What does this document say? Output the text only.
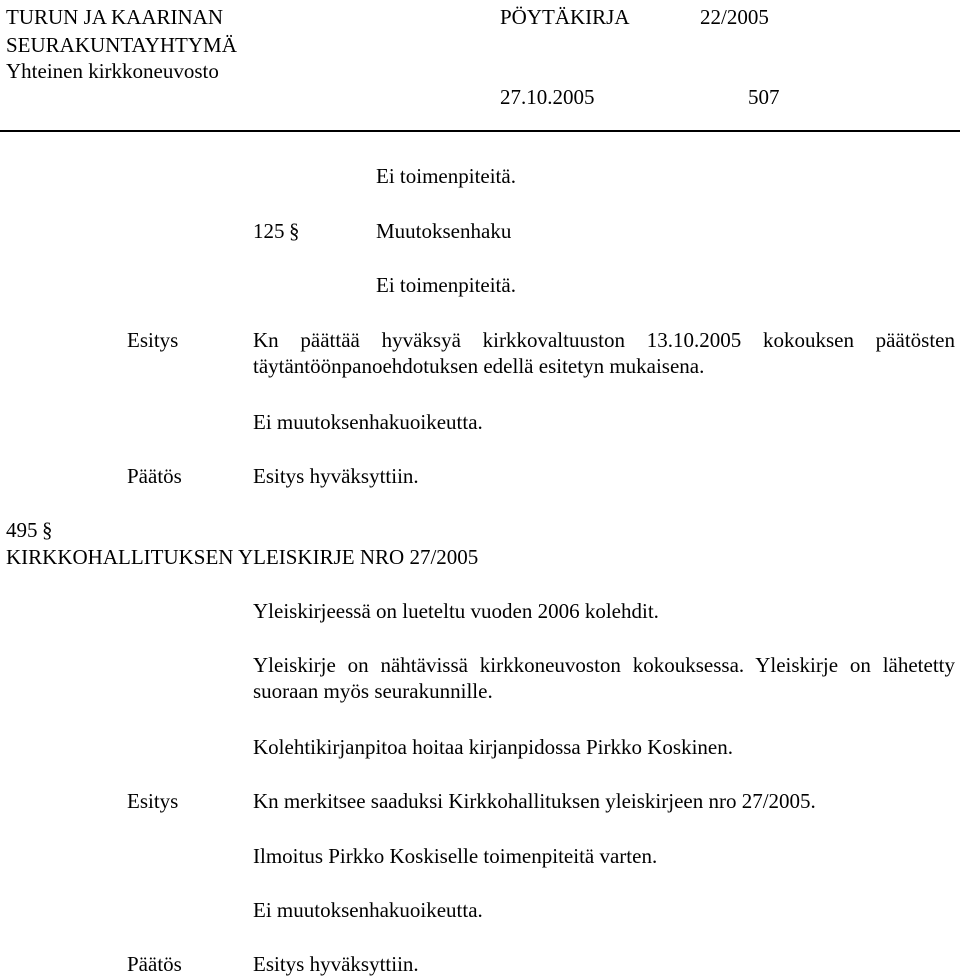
TURUN JA KAARINAN
SEURAKUNTAYHTYMÄ
Yhteinen kirkkoneuvosto
PÖYTÄKIRJA	22/2005
27.10.2005	507
Ei toimenpiteitä.
125 §	Muutoksenhaku
Ei toimenpiteitä.
Esitys	Kn päättää hyväksyä kirkkovaltuuston 13.10.2005 kokouksen päätösten täytäntöönpanoehdotuksen edellä esitetyn mukaisena.
Ei muutoksenhakuoikeutta.
Päätös	Esitys hyväksyttiin.
495 §
KIRKKOHALLITUKSEN YLEISKIRJE NRO 27/2005
Yleiskirjeessä on lueteltu vuoden 2006 kolehdit.
Yleiskirje on nähtävissä kirkkoneuvoston kokouksessa. Yleiskirje on lähetetty suoraan myös seurakunnille.
Kolehtikirjanpitoa hoitaa kirjanpidossa Pirkko Koskinen.
Esitys	Kn merkitsee saaduksi Kirkkohallituksen yleiskirjeen nro 27/2005.
Ilmoitus Pirkko Koskiselle toimenpiteitä varten.
Ei muutoksenhakuoikeutta.
Päätös	Esitys hyväksyttiin.
